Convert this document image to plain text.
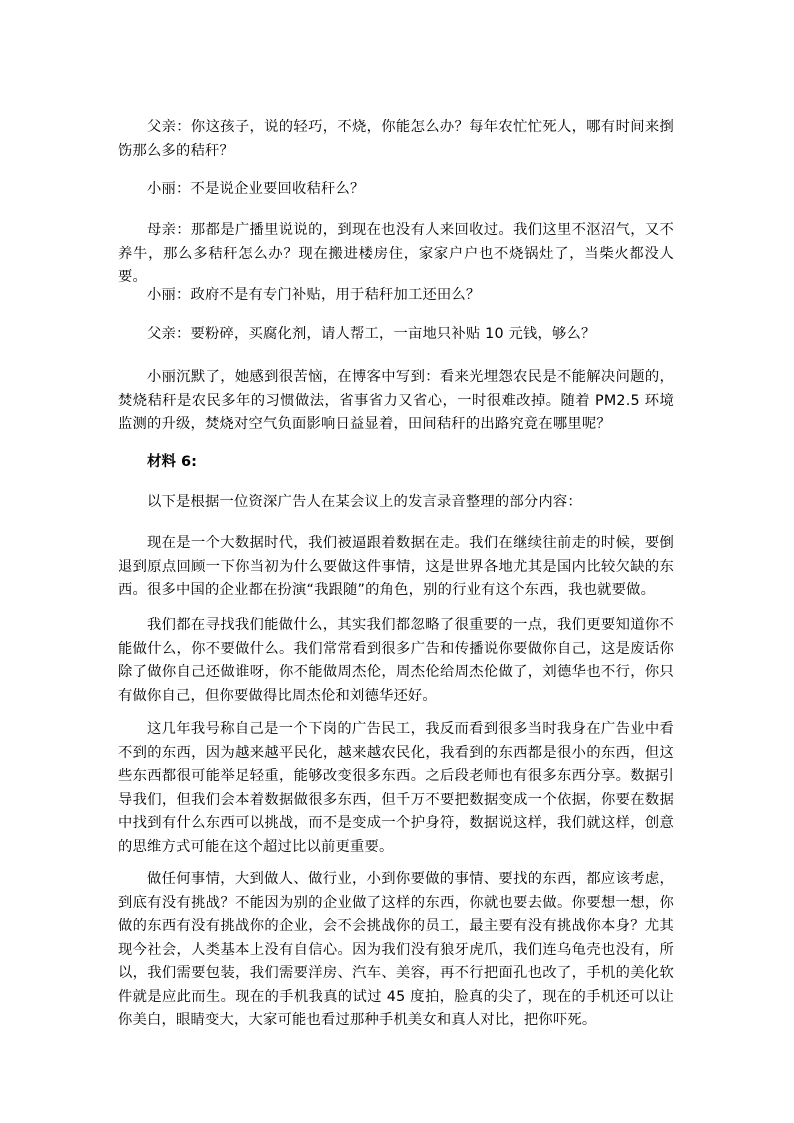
父亲：你这孩子，说的轻巧，不烧，你能怎么办？每年农忙忙死人，哪有时间来捯饬那么多的秸秆？

小丽：不是说企业要回收秸秆么？

母亲：那都是广播里说说的，到现在也没有人来回收过。我们这里不沤沼气，又不养牛，那么多秸秆怎么办？现在搬进楼房住，家家户户也不烧锅灶了，当柴火都没人要。

小丽：政府不是有专门补贴，用于秸秆加工还田么？

父亲：要粉碎，买腐化剂，请人帮工，一亩地只补贴 10 元钱，够么？

小丽沉默了，她感到很苦恼，在博客中写到：看来光埋怨农民是不能解决问题的，焚烧秸秆是农民多年的习惯做法，省事省力又省心，一时很难改掉。随着 PM2.5 环境监测的升级，焚烧对空气负面影响日益显着，田间秸秆的出路究竟在哪里呢？

材料 6:

以下是根据一位资深广告人在某会议上的发言录音整理的部分内容：

现在是一个大数据时代，我们被逼跟着数据在走。我们在继续往前走的时候，要倒退到原点回顾一下你当初为什么要做这件事情，这是世界各地尤其是国内比较欠缺的东西。很多中国的企业都在扮演“我跟随”的角色，别的行业有这个东西，我也就要做。

我们都在寻找我们能做什么，其实我们都忽略了很重要的一点，我们更要知道你不能做什么，你不要做什么。我们常常看到很多广告和传播说你要做你自己，这是废话你除了做你自己还做谁呀，你不能做周杰伦，周杰伦给周杰伦做了，刘德华也不行，你只有做你自己，但你要做得比周杰伦和刘德华还好。

这几年我号称自己是一个下岗的广告民工，我反而看到很多当时我身在广告业中看不到的东西，因为越来越平民化，越来越农民化，我看到的东西都是很小的东西，但这些东西都很可能举足轻重，能够改变很多东西。之后段老师也有很多东西分享。数据引导我们，但我们会本着数据做很多东西，但千万不要把数据变成一个依据，你要在数据中找到有什么东西可以挑战，而不是变成一个护身符，数据说这样，我们就这样，创意的思维方式可能在这个超过比以前更重要。

做任何事情，大到做人、做行业，小到你要做的事情、要找的东西，都应该考虑，到底有没有挑战？不能因为别的企业做了这样的东西，你就也要去做。你要想一想，你做的东西有没有挑战你的企业，会不会挑战你的员工，最主要有没有挑战你本身？尤其现今社会，人类基本上没有自信心。因为我们没有狼牙虎爪，我们连乌龟壳也没有，所以，我们需要包装，我们需要洋房、汽车、美容，再不行把面孔也改了，手机的美化软件就是应此而生。现在的手机我真的试过 45 度拍，脸真的尖了，现在的手机还可以让你美白，眼睛变大，大家可能也看过那种手机美女和真人对比，把你吓死。
